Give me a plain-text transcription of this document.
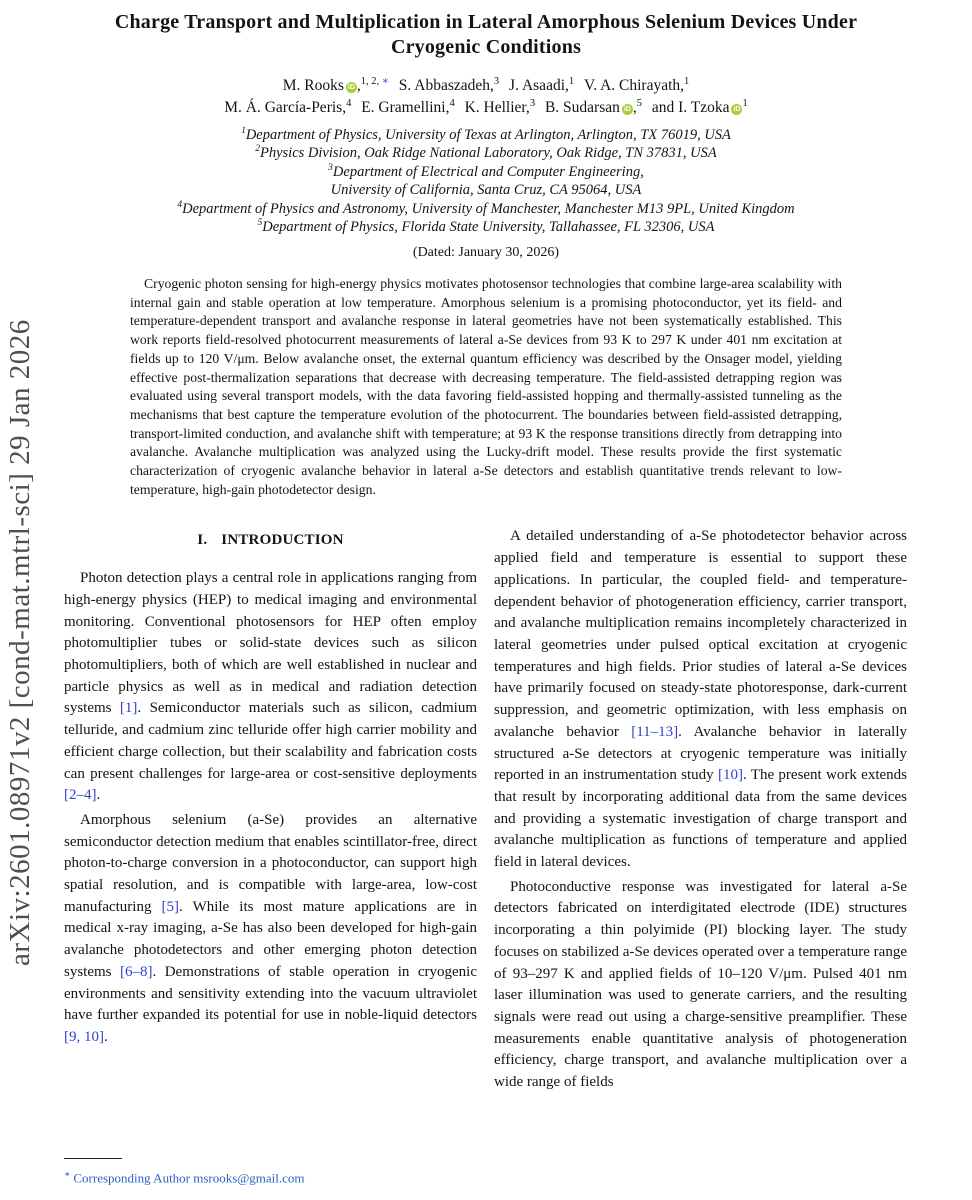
arXiv:2601.08971v2 [cond-mat.mtrl-sci] 29 Jan 2026
Charge Transport and Multiplication in Lateral Amorphous Selenium Devices Under Cryogenic Conditions
M. Rooks iD ,$^{1, 2, ∗}$ S. Abbaszadeh,$^3$ J. Asaadi,$^1$ V. A. Chirayath,$^1$
M. Á. García-Peris,$^4$ E. Gramellini,$^4$ K. Hellier,$^3$ B. Sudarsan iD ,$^5$ and I. Tzoka $iD^1$
$^1$Department of Physics, University of Texas at Arlington, Arlington, TX 76019, USA
$^2$Physics Division, Oak Ridge National Laboratory, Oak Ridge, TN 37831, USA
$^3$Department of Electrical and Computer Engineering,
University of California, Santa Cruz, CA 95064, USA
$^4$Department of Physics and Astronomy, University of Manchester, Manchester M13 9PL, United Kingdom
$^5$Department of Physics, Florida State University, Tallahassee, FL 32306, USA
(Dated: January 30, 2026)
Cryogenic photon sensing for high-energy physics motivates photosensor technologies that combine large-area scalability with internal gain and stable operation at low temperature. Amorphous selenium is a promising photoconductor, yet its field- and temperature-dependent transport and avalanche response in lateral geometries have not been systematically established. This work reports field-resolved photocurrent measurements of lateral a-Se devices from 93 K to 297 K under 401 nm excitation at fields up to 120 V/μm. Below avalanche onset, the external quantum efficiency was described by the Onsager model, yielding effective post-thermalization separations that decrease with decreasing temperature. The field-assisted detrapping region was evaluated using several transport models, with the data favoring field-assisted hopping and thermally-assisted tunneling as the mechanisms that best capture the temperature evolution of the photocurrent. The boundaries between field-assisted detrapping, transport-limited conduction, and avalanche shift with temperature; at 93 K the response transitions directly from detrapping into avalanche. Avalanche multiplication was analyzed using the Lucky-drift model. These results provide the first systematic characterization of cryogenic avalanche behavior in lateral a-Se detectors and establish quantitative trends relevant to low-temperature, high-gain photodetector design.
I. INTRODUCTION

Photon detection plays a central role in applications ranging from high-energy physics (HEP) to medical imaging and environmental monitoring. Conventional photosensors for HEP often employ photomultiplier tubes or solid-state devices such as silicon photomultipliers, both of which are well established in nuclear and particle physics as well as in medical and radiation detection systems [1]. Semiconductor materials such as silicon, cadmium telluride, and cadmium zinc telluride offer high carrier mobility and efficient charge collection, but their scalability and fabrication costs can present challenges for large-area or cost-sensitive deployments [2–4].

Amorphous selenium (a-Se) provides an alternative semiconductor detection medium that enables scintillator-free, direct photon-to-charge conversion in a photoconductor, can support high spatial resolution, and is compatible with large-area, low-cost manufacturing [5]. While its most mature applications are in medical x-ray imaging, a-Se has also been developed for high-gain avalanche photodetectors and other emerging photon detection systems [6–8]. Demonstrations of stable operation in cryogenic environments and sensitivity extending into the vacuum ultraviolet have further expanded its potential for use in noble-liquid detectors [9, 10].

A detailed understanding of a-Se photodetector behavior across applied field and temperature is essential to support these applications. In particular, the coupled field- and temperature-dependent behavior of photogeneration efficiency, carrier transport, and avalanche multiplication remains incompletely characterized in lateral geometries under pulsed optical excitation at cryogenic temperatures and high fields. Prior studies of lateral a-Se devices have primarily focused on steady-state photoresponse, dark-current suppression, and geometric optimization, with less emphasis on avalanche behavior [11–13]. Avalanche behavior in laterally structured a-Se detectors at cryogenic temperature was initially reported in an instrumentation study [10]. The present work extends that result by incorporating additional data from the same devices and providing a systematic investigation of charge transport and avalanche multiplication as functions of temperature and applied field in lateral devices.

Photoconductive response was investigated for lateral a-Se detectors fabricated on interdigitated electrode (IDE) structures incorporating a thin polyimide (PI) blocking layer. The study focuses on stabilized a-Se devices operated over a temperature range of 93–297 K and applied fields of 10–120 V/μm. Pulsed 401 nm laser illumination was used to generate carriers, and the resulting signals were read out using a charge-sensitive preamplifier. These measurements enable quantitative analysis of photogeneration efficiency, charge transport, and avalanche multiplication over a wide range of fields

∗ Corresponding Author msrooks@gmail.com
